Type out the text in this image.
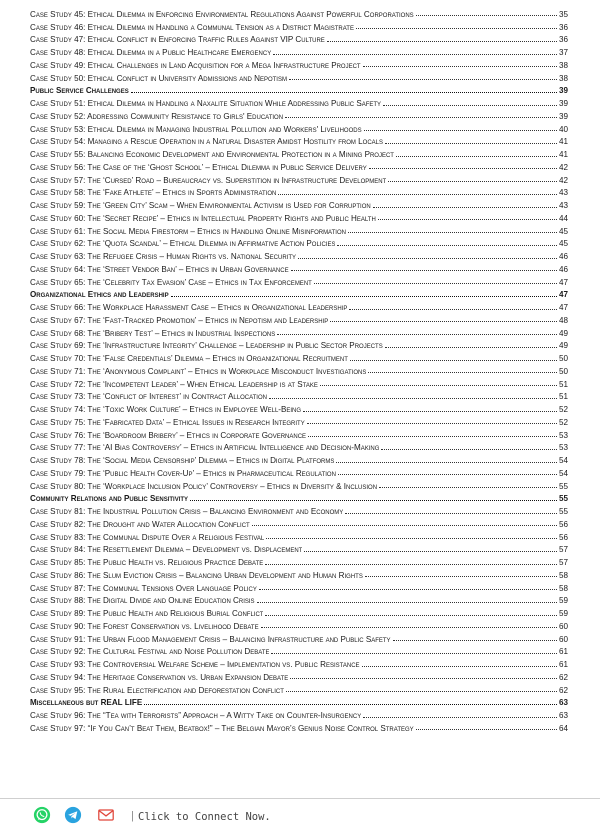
Case Study 45: Ethical Dilemma in Enforcing Environmental Regulations Against Powerful Corporations	35
Case Study 46: Ethical Dilemma in Handling a Communal Tension as a District Magistrate	36
Case Study 47: Ethical Conflict in Enforcing Traffic Rules Against VIP Culture	36
Case Study 48: Ethical Dilemma in a Public Healthcare Emergency	37
Case Study 49: Ethical Challenges in Land Acquisition for a Mega Infrastructure Project	38
Case Study 50: Ethical Conflict in University Admissions and Nepotism	38
Public Service Challenges	39
Case Study 51: Ethical Dilemma in Handling a Naxalite Situation While Addressing Public Safety	39
Case Study 52: Addressing Community Resistance to Girls' Education	39
Case Study 53: Ethical Dilemma in Managing Industrial Pollution and Workers' Livelihoods	40
Case Study 54: Managing a Rescue Operation in a Natural Disaster Amidst Hostility from Locals	41
Case Study 55: Balancing Economic Development and Environmental Protection in a Mining Project	41
Case Study 56: The Case of the ‘Ghost School’ – Ethical Dilemma in Public Service Delivery	42
Case Study 57: The ‘Cursed’ Road – Bureaucracy vs. Superstition in Infrastructure Development	42
Case Study 58: The ‘Fake Athlete’ – Ethics in Sports Administration	43
Case Study 59: The ‘Green City’ Scam – When Environmental Activism is Used for Corruption	43
Case Study 60: The ‘Secret Recipe’ – Ethics in Intellectual Property Rights and Public Health	44
Case Study 61: The Social Media Firestorm – Ethics in Handling Online Misinformation	45
Case Study 62: The ‘Quota Scandal’ – Ethical Dilemma in Affirmative Action Policies	45
Case Study 63: The Refugee Crisis – Human Rights vs. National Security	46
Case Study 64: The ‘Street Vendor Ban’ – Ethics in Urban Governance	46
Case Study 65: The ‘Celebrity Tax Evasion’ Case – Ethics in Tax Enforcement	47
Organizational Ethics and Leadership	47
Case Study 66: The Workplace Harassment Case – Ethics in Organizational Leadership	47
Case Study 67: The ‘Fast-Tracked Promotion’ – Ethics in Nepotism and Leadership	48
Case Study 68: The ‘Bribery Test’ – Ethics in Industrial Inspections	49
Case Study 69: The ‘Infrastructure Integrity’ Challenge – Leadership in Public Sector Projects	49
Case Study 70: The ‘False Credentials’ Dilemma – Ethics in Organizational Recruitment	50
Case Study 71: The ‘Anonymous Complaint’ – Ethics in Workplace Misconduct Investigations	50
Case Study 72: The ‘Incompetent Leader’ – When Ethical Leadership is at Stake	51
Case Study 73: The ‘Conflict of Interest’ in Contract Allocation	51
Case Study 74: The ‘Toxic Work Culture’ – Ethics in Employee Well-Being	52
Case Study 75: The ‘Fabricated Data’ – Ethical Issues in Research Integrity	52
Case Study 76: The ‘Boardroom Bribery’ – Ethics in Corporate Governance	53
Case Study 77: The ‘AI Bias Controversy’ – Ethics in Artificial Intelligence and Decision-Making	53
Case Study 78: The ‘Social Media Censorship’ Dilemma – Ethics in Digital Platforms	54
Case Study 79: The ‘Public Health Cover-Up’ – Ethics in Pharmaceutical Regulation	54
Case Study 80: The ‘Workplace Inclusion Policy’ Controversy – Ethics in Diversity & Inclusion	55
Community Relations and Public Sensitivity	55
Case Study 81: The Industrial Pollution Crisis – Balancing Environment and Economy	55
Case Study 82: The Drought and Water Allocation Conflict	56
Case Study 83: The Communal Dispute Over a Religious Festival	56
Case Study 84: The Resettlement Dilemma – Development vs. Displacement	57
Case Study 85: The Public Health vs. Religious Practice Debate	57
Case Study 86: The Slum Eviction Crisis – Balancing Urban Development and Human Rights	58
Case Study 87: The Communal Tensions Over Language Policy	58
Case Study 88: The Digital Divide and Online Education Crisis	59
Case Study 89: The Public Health and Religious Burial Conflict	59
Case Study 90: The Forest Conservation vs. Livelihood Debate	60
Case Study 91: The Urban Flood Management Crisis – Balancing Infrastructure and Public Safety	60
Case Study 92: The Cultural Festival and Noise Pollution Debate	61
Case Study 93: The Controversial Welfare Scheme – Implementation vs. Public Resistance	61
Case Study 94: The Heritage Conservation vs. Urban Expansion Debate	62
Case Study 95: The Rural Electrification and Deforestation Conflict	62
Miscellaneous but REAL LIFE	63
Case Study 96: The “Tea with Terrorists” Approach – A Witty Take on Counter-Insurgency	63
Case Study 97: “If You Can’t Beat Them, Beatbox!” – The Belgian Mayor’s Genius Noise Control Strategy	64
| Click to Connect Now.
